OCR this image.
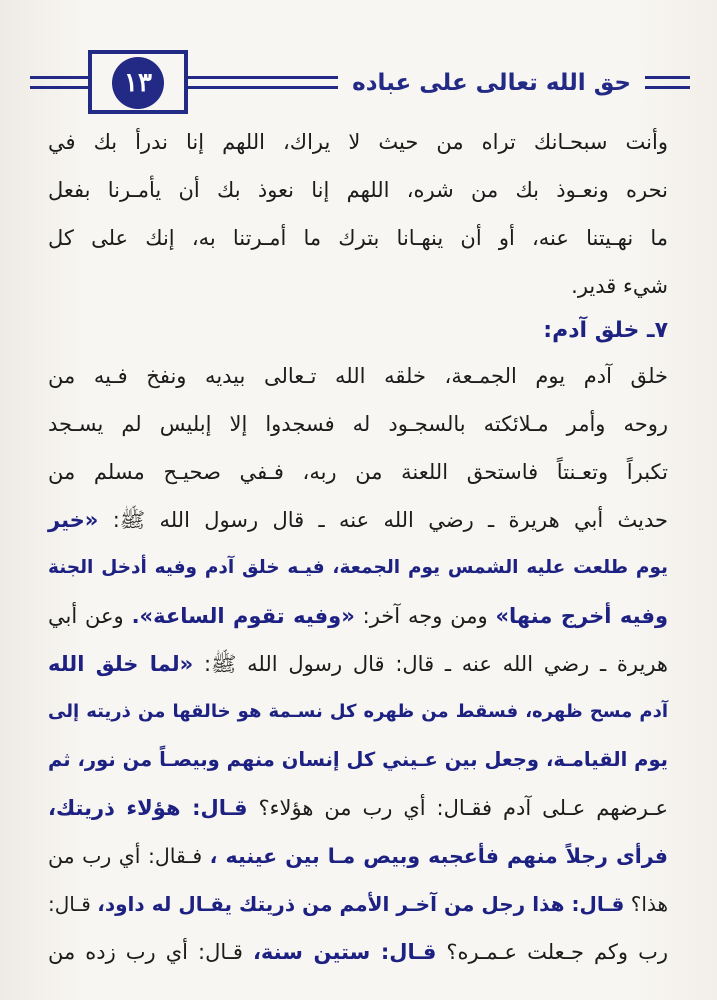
١٣	حق الله تعالى على عباده
وأنت سبحـانك تراه من حيث لا يراك، اللهم إنا ندرأ بك في
نحره ونعـوذ بك من شره، اللهم إنا نعوذ بك أن يأمـرنا بفعل
ما نهـيتنا عنه، أو أن ينهـانا بترك ما أمـرتنا به، إنك على كل
شيء قدير.
٧ـ خلق آدم:
خلق آدم يوم الجمـعة، خلقه الله تـعالى بيديه ونفخ فـيه من
روحه وأمر مـلائكته بالسجـود له فسجدوا إلا إبليس لم يسـجد
تكبراً وتعـنتاً فاستحق اللعنة من ربه، فـفي صحيـح مسلم من
حديث أبي هريرة ـ رضي الله عنه ـ قال رسول الله ﷺ: «خير
يوم طلعت عليه الشمس يوم الجمعة، فيـه خلق آدم وفيه أدخل الجنة
وفيه أخرج منها» ومن وجه آخر: «وفيه تقوم الساعة». وعن أبي
هريرة ـ رضي الله عنه ـ قال: قال رسول الله ﷺ: «لما خلق الله
آدم مسح ظهره، فسقط من ظهره كل نسـمة هو خالقها من ذريته إلى
يوم القيامـة، وجعل بين عـيني كل إنسان منهم وبيصـاً من نور، ثم
عـرضهم عـلى آدم فقـال: أي رب من هؤلاء؟ قـال: هؤلاء ذريتك،
فرأى رجلاً منهم فأعجبه وبيص مـا بين عينيه ، فـقال: أي رب من
هذا؟ قـال: هذا رجل من آخـر الأمم من ذريتك يقـال له داود، قـال:
رب وكم جـعلت عـمـره؟ قـال: ستين سنة، قـال: أي رب زده من
